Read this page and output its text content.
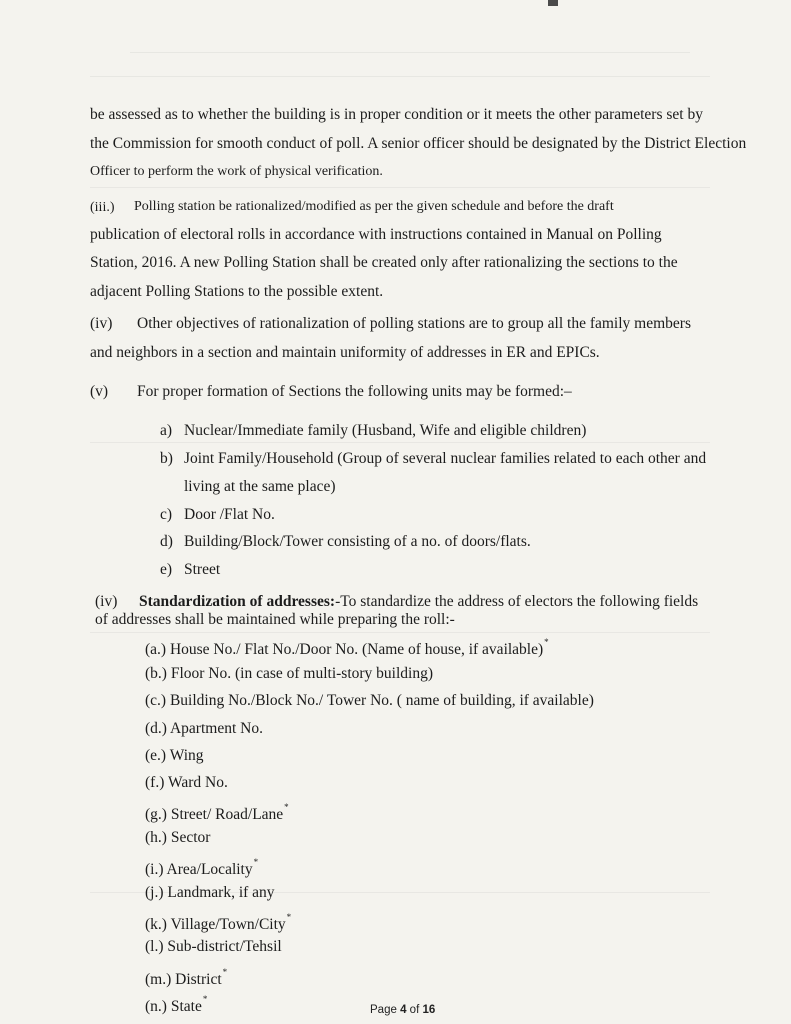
be assessed as to whether the building is in proper condition or it meets the other parameters set by
the Commission for smooth conduct of poll. A senior officer should be designated by the District Election
Officer to perform the work of physical verification.
(iii.) Polling station be rationalized/modified as per the given schedule and before the draft
publication of electoral rolls in accordance with instructions contained in Manual on Polling
Station, 2016. A new Polling Station shall be created only after rationalizing the sections to the
adjacent Polling Stations to the possible extent.
(iv) Other objectives of rationalization of polling stations are to group all the family members
and neighbors in a section and maintain uniformity of addresses in ER and EPICs.
(v) For proper formation of Sections the following units may be formed:–
a) Nuclear/Immediate family (Husband, Wife and eligible children)
b) Joint Family/Household (Group of several nuclear families related to each other and
living at the same place)
c) Door /Flat No.
d) Building/Block/Tower consisting of a no. of doors/flats.
e) Street
(iv) Standardization of addresses:-To standardize the address of electors the following fields
of addresses shall be maintained while preparing the roll:-
(a.) House No./ Flat No./Door No. (Name of house, if available)*
(b.) Floor No. (in case of multi-story building)
(c.) Building No./Block No./ Tower No. ( name of building, if available)
(d.) Apartment No.
(e.) Wing
(f.) Ward No.
(g.) Street/ Road/Lane*
(h.) Sector
(i.) Area/Locality*
(j.) Landmark, if any
(k.) Village/Town/City*
(l.) Sub-district/Tehsil
(m.) District*
(n.) State*
Page 4 of 16
